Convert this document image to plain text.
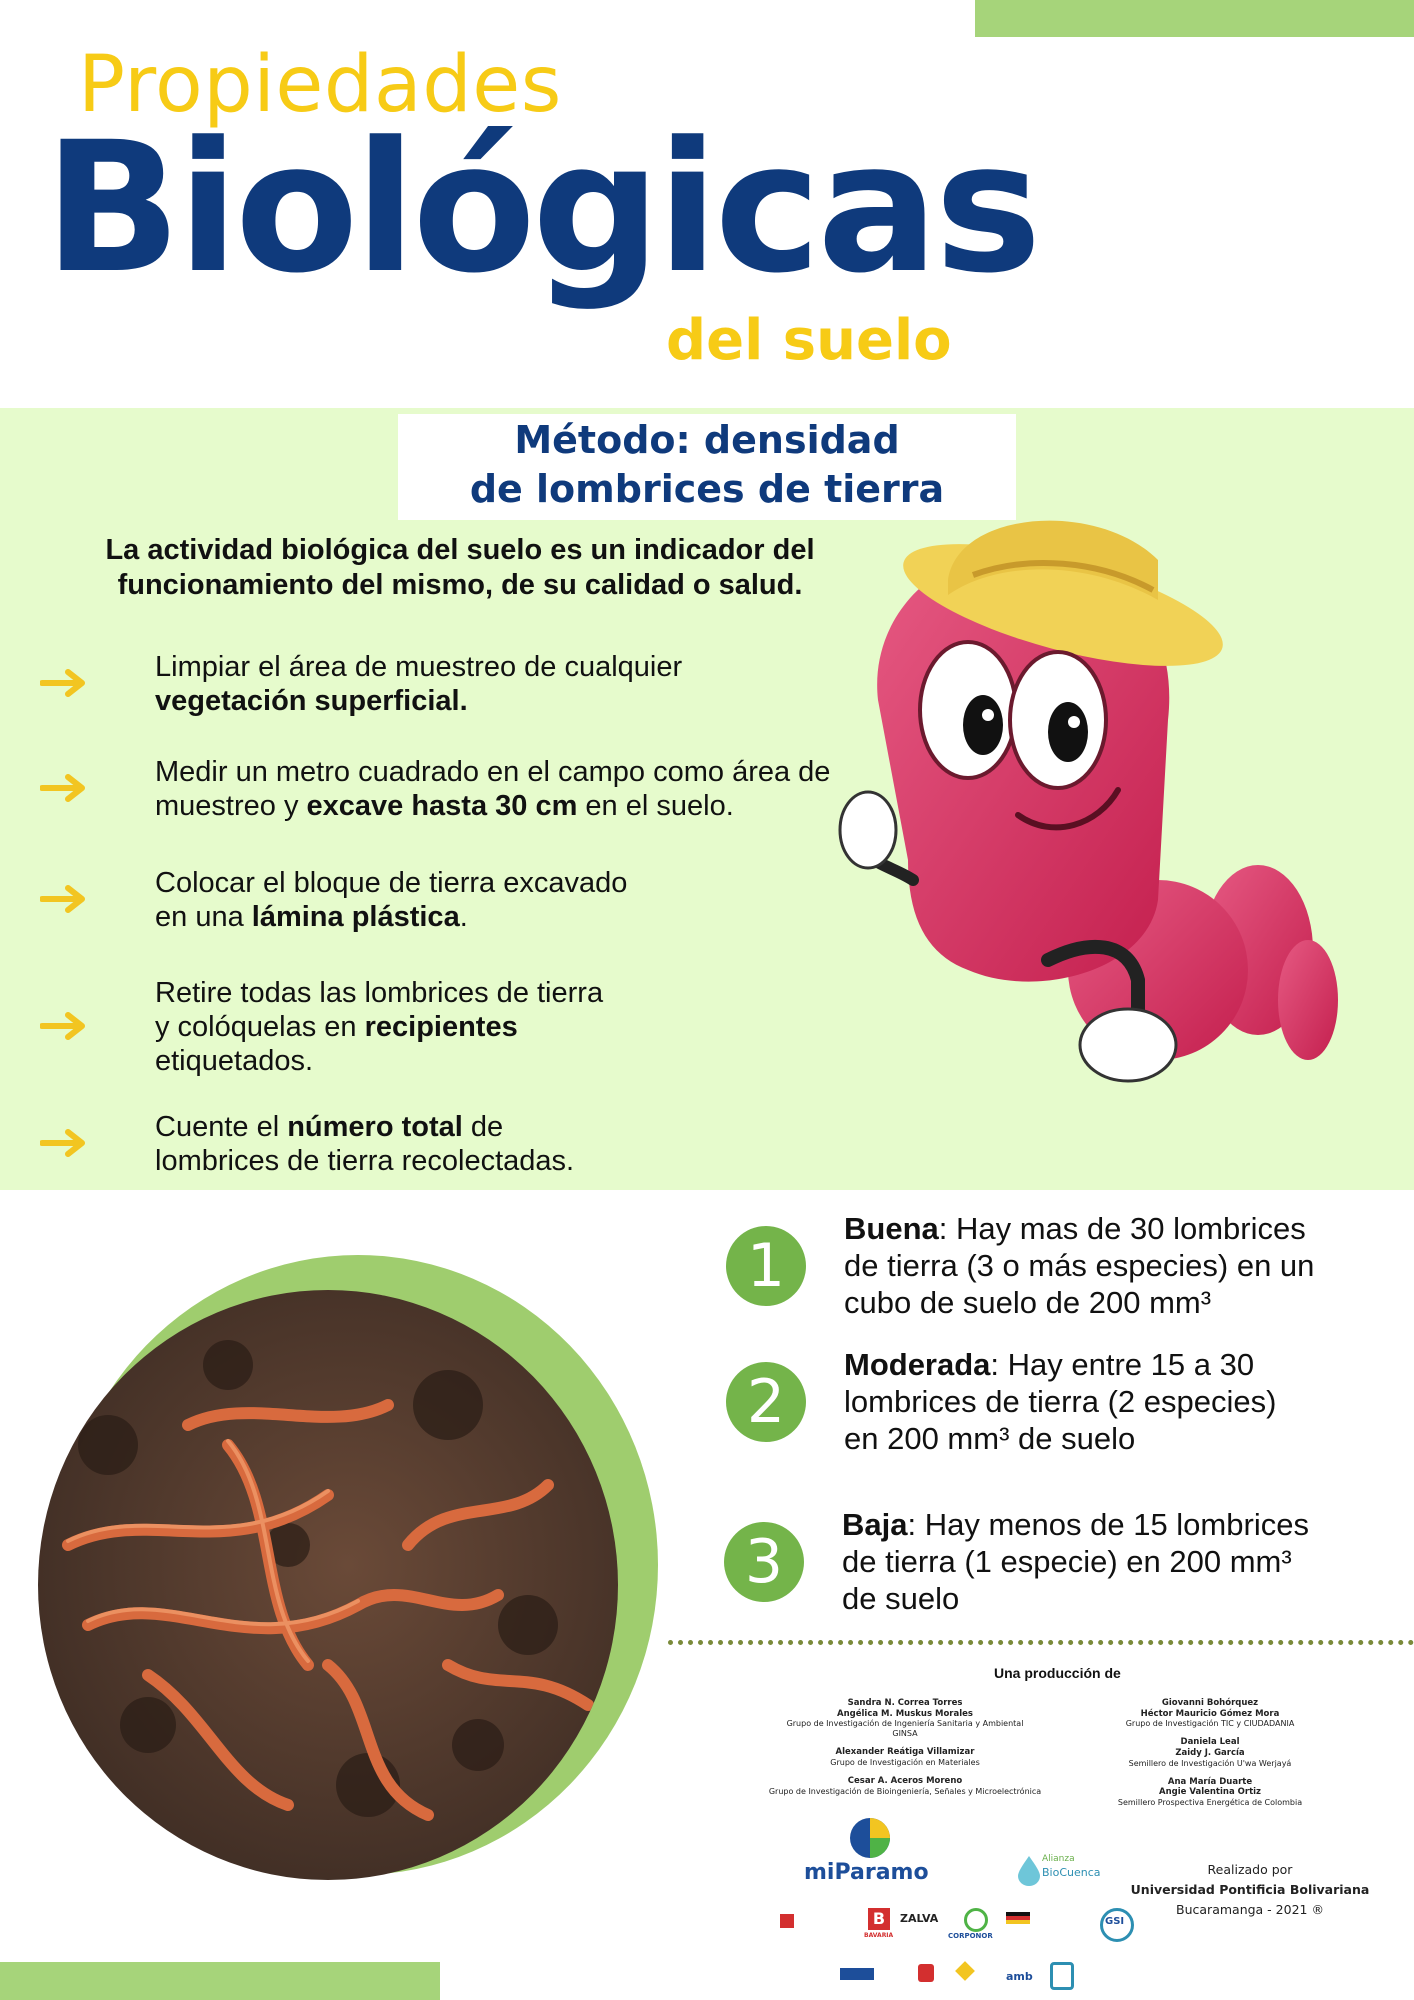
Propiedades
Biológicas
del suelo
Método: densidad
de lombrices de tierra
La actividad biológica del suelo es un indicador del
funcionamiento del mismo, de su calidad o salud.
Limpiar el área de muestreo de cualquier
vegetación superficial.
Medir un metro cuadrado en el campo como área de
muestreo y excave hasta 30 cm en el suelo.
Colocar el bloque de tierra excavado
en una lámina plástica.
Retire todas las lombrices de tierra
y colóquelas en recipientes
etiquetados.
Cuente el número total de
lombrices de tierra recolectadas.
1
Buena: Hay mas de 30 lombrices
de tierra (3 o más especies) en un
cubo de suelo de 200 mm³
2
Moderada: Hay entre 15 a 30
lombrices de tierra (2 especies)
en 200 mm³ de suelo
3
Baja: Hay menos de 15 lombrices
de tierra (1 especie) en 200 mm³
de suelo
Una producción de
Sandra N. Correa Torres
Angélica M. Muskus Morales
Grupo de Investigación de Ingeniería Sanitaria y Ambiental
GINSA
Alexander Reátiga Villamizar
Grupo de Investigación en Materiales
Cesar A. Aceros Moreno
Grupo de Investigación de Bioingeniería, Señales y Microelectrónica
Giovanni Bohórquez
Héctor Mauricio Gómez Mora
Grupo de Investigación TIC y CIUDADANIA
Daniela Leal
Zaidy J. García
Semillero de Investigación U'wa Werjayá
Ana María Duarte
Angie Valentina Ortiz
Semillero Prospectiva Energética de Colombia
miParamo
Alianza
BioCuenca	Realizado por
Universidad Pontificia Bolivariana
Bucaramanga - 2021 ®
B
BAVARIA
ZALVA
CORPONOR
GSI
amb
